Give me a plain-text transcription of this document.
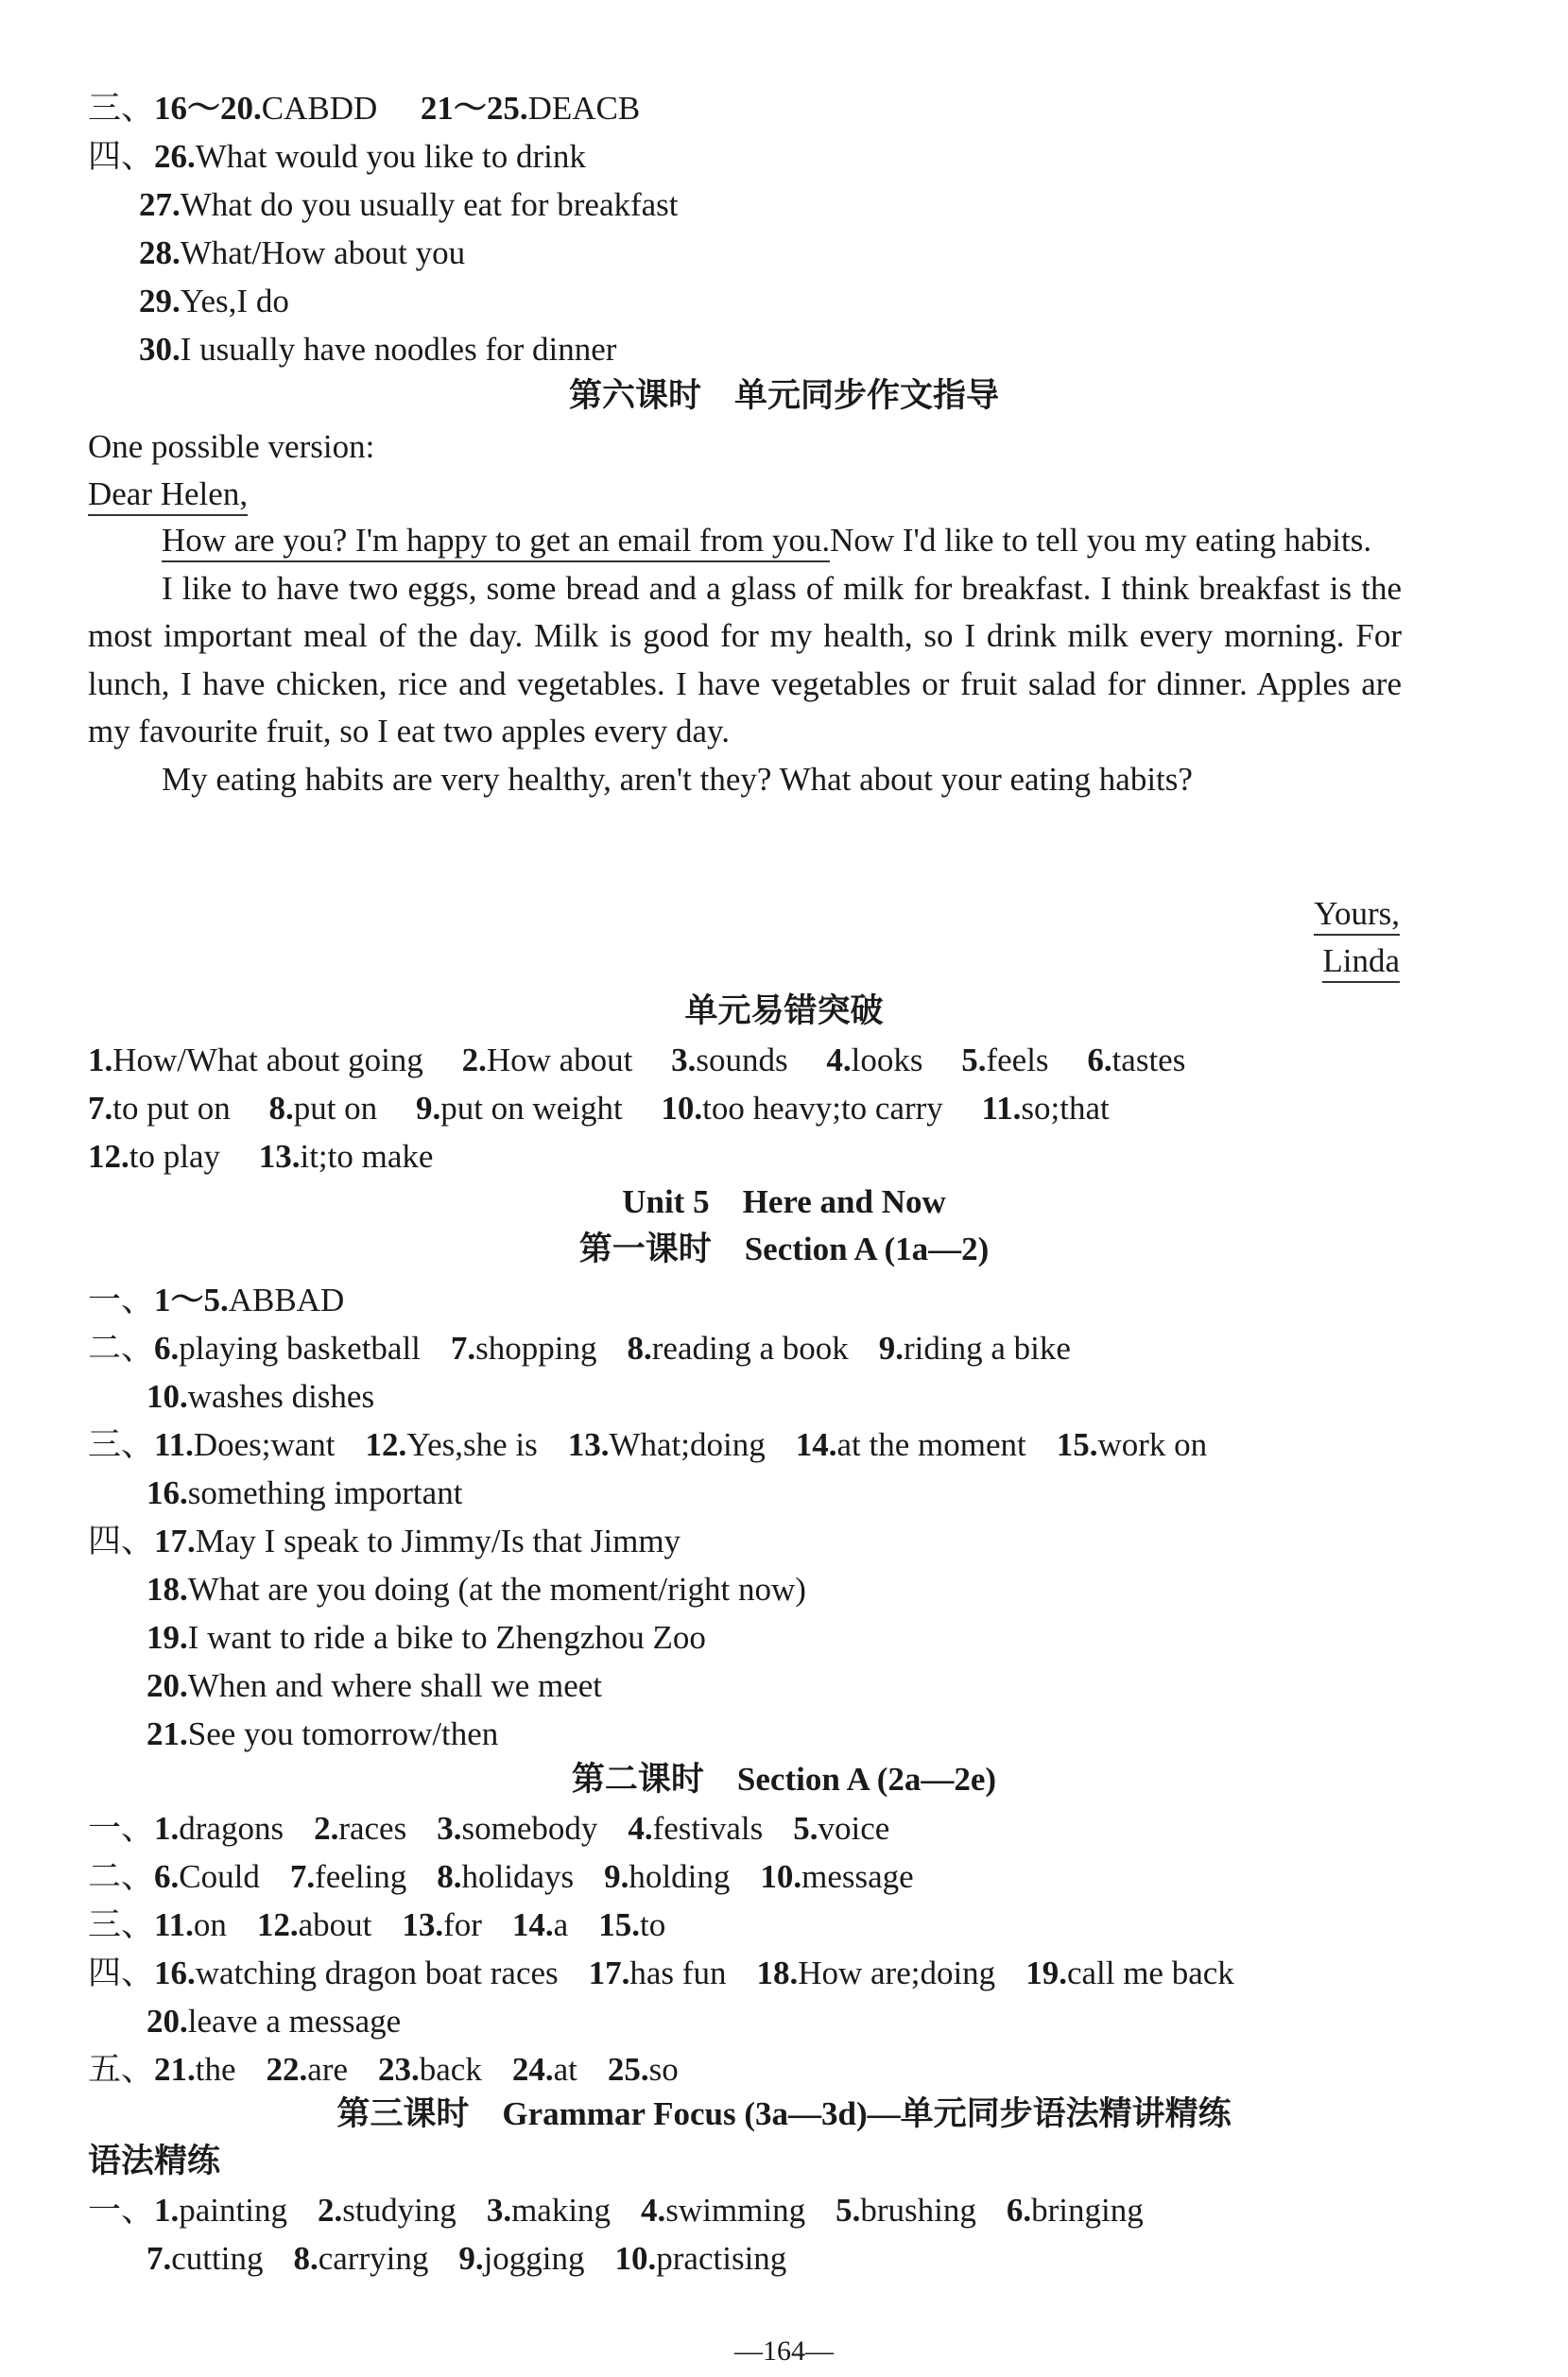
三、16～20.CABDD 21～25.DEACB
四、26.What would you like to drink
27.What do you usually eat for breakfast
28.What/How about you
29.Yes,I do
30.I usually have noodles for dinner
第六课时　单元同步作文指导
One possible version:
Dear Helen,

How are you? I'm happy to get an email from you.Now I'd like to tell you my eating habits.

I like to have two eggs, some bread and a glass of milk for breakfast. I think breakfast is the most important meal of the day. Milk is good for my health, so I drink milk every morning. For lunch, I have chicken, rice and vegetables. I have vegetables or fruit salad for dinner. Apples are my favourite fruit, so I eat two apples every day.

My eating habits are very healthy, aren't they? What about your eating habits?

Yours,
Linda
单元易错突破
1.How/What about going 2.How about 3.sounds 4.looks 5.feels 6.tastes
7.to put on 8.put on 9.put on weight 10.too heavy;to carry 11.so;that
12.to play 13.it;to make
Unit 5　Here and Now
第一课时　Section A (1a—2)
一、1～5.ABBAD
二、6.playing basketball 7.shopping 8.reading a book 9.riding a bike
10.washes dishes
三、11.Does;want 12.Yes,she is 13.What;doing 14.at the moment 15.work on
16.something important
四、17.May I speak to Jimmy/Is that Jimmy
18.What are you doing (at the moment/right now)
19.I want to ride a bike to Zhengzhou Zoo
20.When and where shall we meet
21.See you tomorrow/then
第二课时　Section A (2a—2e)
一、1.dragons 2.races 3.somebody 4.festivals 5.voice
二、6.Could 7.feeling 8.holidays 9.holding 10.message
三、11.on 12.about 13.for 14.a 15.to
四、16.watching dragon boat races 17.has fun 18.How are;doing 19.call me back
20.leave a message
五、21.the 22.are 23.back 24.at 25.so
第三课时　Grammar Focus (3a—3d)—单元同步语法精讲精练
语法精练
一、1.painting 2.studying 3.making 4.swimming 5.brushing 6.bringing
7.cutting 8.carrying 9.jogging 10.practising
—164—
